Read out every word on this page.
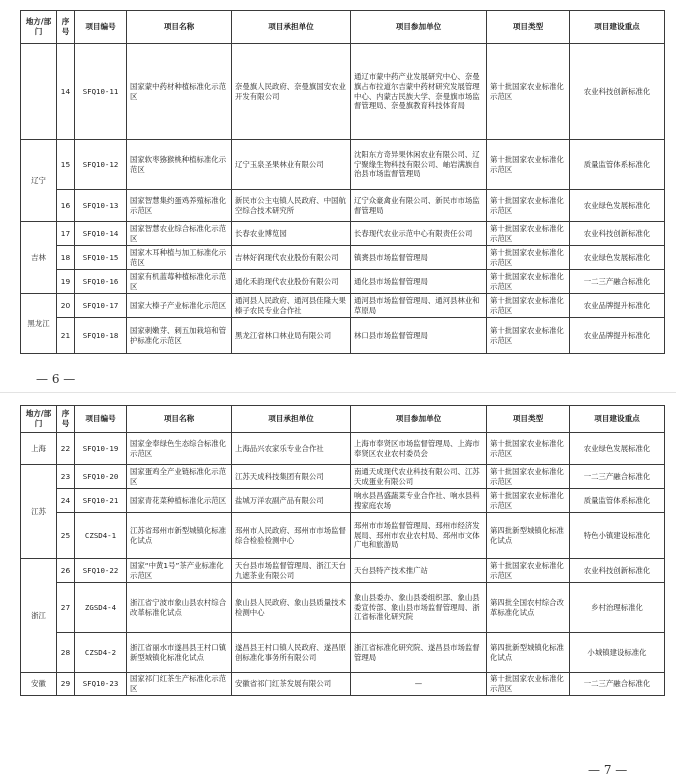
地方/部门	序号	项目编号	项目名称	项目承担单位	项目参加单位	项目类型	项目建设重点
	14	SFQ10-11	国家蒙中药材种植标准化示范区	奈曼旗人民政府、奈曼旗国安农业开发有限公司	通辽市蒙中药产业发展研究中心、奈曼旗占布拉道尔吉蒙中药材研究发展管理中心、内蒙古民族大学、奈曼旗市场监督管理局、奈曼旗教育科技体育局	第十批国家农业标准化示范区	农业科技创新标准化
辽宁	15	SFQ10-12	国家软枣猕猴桃种植标准化示范区	辽宁玉泉圣果林业有限公司	沈阳东方奇异果休闲农业有限公司、辽宁聚缘生物科技有限公司、岫岩满族自治县市场监督管理局	第十批国家农业标准化示范区	质量监管体系标准化
	16	SFQ10-13	国家智慧集约蛋鸡养殖标准化示范区	新民市公主屯镇人民政府、中国航空综合技术研究所	辽宁众豪禽业有限公司、新民市市场监督管理局	第十批国家农业标准化示范区	农业绿色发展标准化
吉林	17	SFQ10-14	国家智慧农业综合标准化示范区	长春农业博览园	长春现代农业示范中心有限责任公司	第十批国家农业标准化示范区	农业科技创新标准化
	18	SFQ10-15	国家木耳种植与加工标准化示范区	吉林好润现代农业股份有限公司	镇赉县市场监督管理局	第十批国家农业标准化示范区	农业绿色发展标准化
	19	SFQ10-16	国家有机蓝莓种植标准化示范区	通化禾韵现代农业股份有限公司	通化县市场监督管理局	第十批国家农业标准化示范区	一二三产融合标准化
黑龙江	20	SFQ10-17	国家大榛子产业标准化示范区	通河县人民政府、通河县佳隆大果榛子农民专业合作社	通河县市场监督管理局、通河县林业和草原局	第十批国家农业标准化示范区	农业品牌提升标准化
	21	SFQ10-18	国家刺嫩芽、刺五加栽培和管护标准化示范区	黑龙江省林口林业局有限公司	林口县市场监督管理局	第十批国家农业标准化示范区	农业品牌提升标准化
— 6 —
地方/部门	序号	项目编号	项目名称	项目承担单位	项目参加单位	项目类型	项目建设重点
上海	22	SFQ10-19	国家金奉绿色生态综合标准化示范区	上海品兴农家乐专业合作社	上海市奉贤区市场监督管理局、上海市奉贤区农业农村委员会	第十批国家农业标准化示范区	农业绿色发展标准化
江苏	23	SFQ10-20	国家蛋鸡全产业链标准化示范区	江苏天成科技集团有限公司	南通天成现代农业科技有限公司、江苏天成蛋业有限公司	第十批国家农业标准化示范区	一二三产融合标准化
	24	SFQ10-21	国家青花菜种植标准化示范区	盐城万洋农副产品有限公司	响水县昌盛蔬菜专业合作社、响水县科搜家庭农场	第十批国家农业标准化示范区	质量监管体系标准化
	25	CZSD4-1	江苏省邳州市新型城镇化标准化试点	邳州市人民政府、邳州市市场监督综合检验检测中心	邳州市市场监督管理局、邳州市经济发展局、邳州市农业农村局、邳州市文体广电和旅游局	第四批新型城镇化标准化试点	特色小镇建设标准化
浙江	26	SFQ10-22	国家“中黄1号”茶产业标准化示范区	天台县市场监督管理局、浙江天台九遮茶业有限公司	天台县特产技术推广站	第十批国家农业标准化示范区	农业科技创新标准化
	27	ZGSD4-4	浙江省宁波市象山县农村综合改革标准化试点	象山县人民政府、象山县质量技术检测中心	象山县委办、象山县委组织部、象山县委宣传部、象山县市场监督管理局、浙江省标准化研究院	第四批全国农村综合改革标准化试点	乡村治理标准化
	28	CZSD4-2	浙江省丽水市遂昌县王村口镇新型城镇化标准化试点	遂昌县王村口镇人民政府、遂昌原创标准化事务所有限公司	浙江省标准化研究院、遂昌县市场监督管理局	第四批新型城镇化标准化试点	小城镇建设标准化
安徽	29	SFQ10-23	国家祁门红茶生产标准化示范区	安徽省祁门红茶发展有限公司	—	第十批国家农业标准化示范区	一二三产融合标准化
— 7 —
